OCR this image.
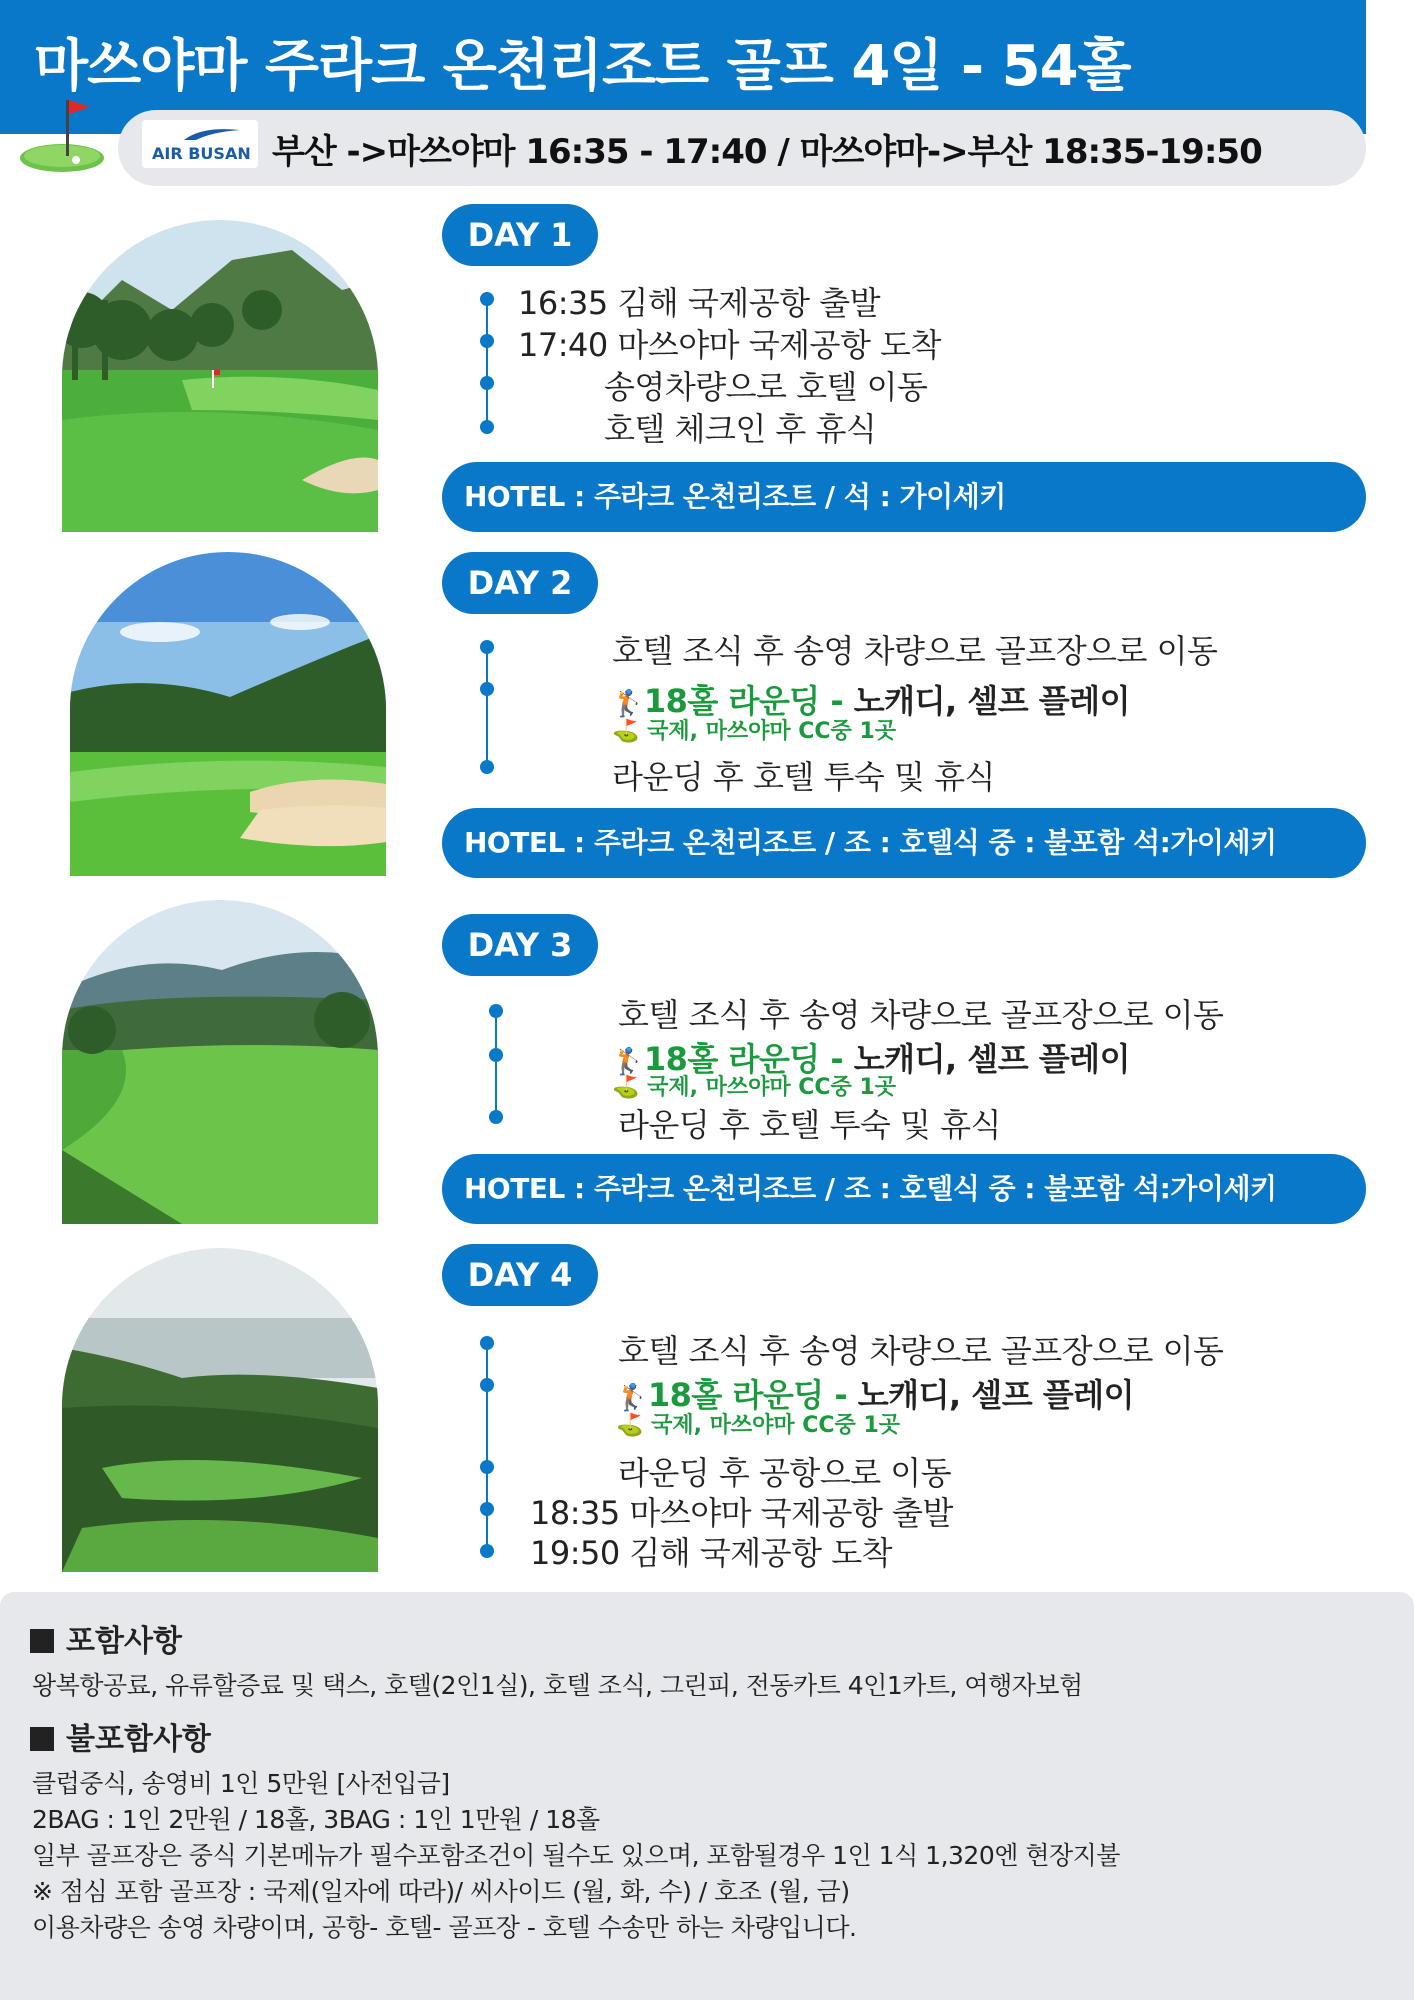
마쓰야마 주라크 온천리조트 골프 4일 - 54홀
AIR BUSAN 부산 ->마쓰야마 16:35 - 17:40 / 마쓰야마->부산 18:35-19:50
DAY 1
16:35 김해 국제공항 출발
17:40 마쓰야마 국제공항 도착
송영차량으로 호텔 이동
호텔 체크인 후 휴식
HOTEL : 주라크 온천리조트 / 석 : 가이세키
DAY 2
호텔 조식 후 송영 차량으로 골프장으로 이동
🏌18홀 라운딩 - 노캐디, 셀프 플레이
⛳ 국제, 마쓰야마 CC중 1곳
라운딩 후 호텔 투숙 및 휴식
HOTEL : 주라크 온천리조트 / 조 : 호텔식 중 : 불포함 석:가이세키
DAY 3
호텔 조식 후 송영 차량으로 골프장으로 이동
🏌18홀 라운딩 - 노캐디, 셀프 플레이
⛳ 국제, 마쓰야마 CC중 1곳
라운딩 후 호텔 투숙 및 휴식
HOTEL : 주라크 온천리조트 / 조 : 호텔식 중 : 불포함 석:가이세키
DAY 4
호텔 조식 후 송영 차량으로 골프장으로 이동
🏌18홀 라운딩 - 노캐디, 셀프 플레이
⛳ 국제, 마쓰야마 CC중 1곳
라운딩 후 공항으로 이동
18:35 마쓰야마 국제공항 출발
19:50 김해 국제공항 도착
포함사항
왕복항공료, 유류할증료 및 택스, 호텔(2인1실), 호텔 조식, 그린피, 전동카트 4인1카트, 여행자보험
불포함사항
클럽중식, 송영비 1인 5만원 [사전입금]
2BAG : 1인 2만원 / 18홀, 3BAG : 1인 1만원 / 18홀
일부 골프장은 중식 기본메뉴가 필수포함조건이 될수도 있으며, 포함될경우 1인 1식 1,320엔 현장지불
※ 점심 포함 골프장 : 국제(일자에 따라)/ 씨사이드 (월, 화, 수) / 호조 (월, 금)
이용차량은 송영 차량이며, 공항- 호텔- 골프장 - 호텔 수송만 하는 차량입니다.
